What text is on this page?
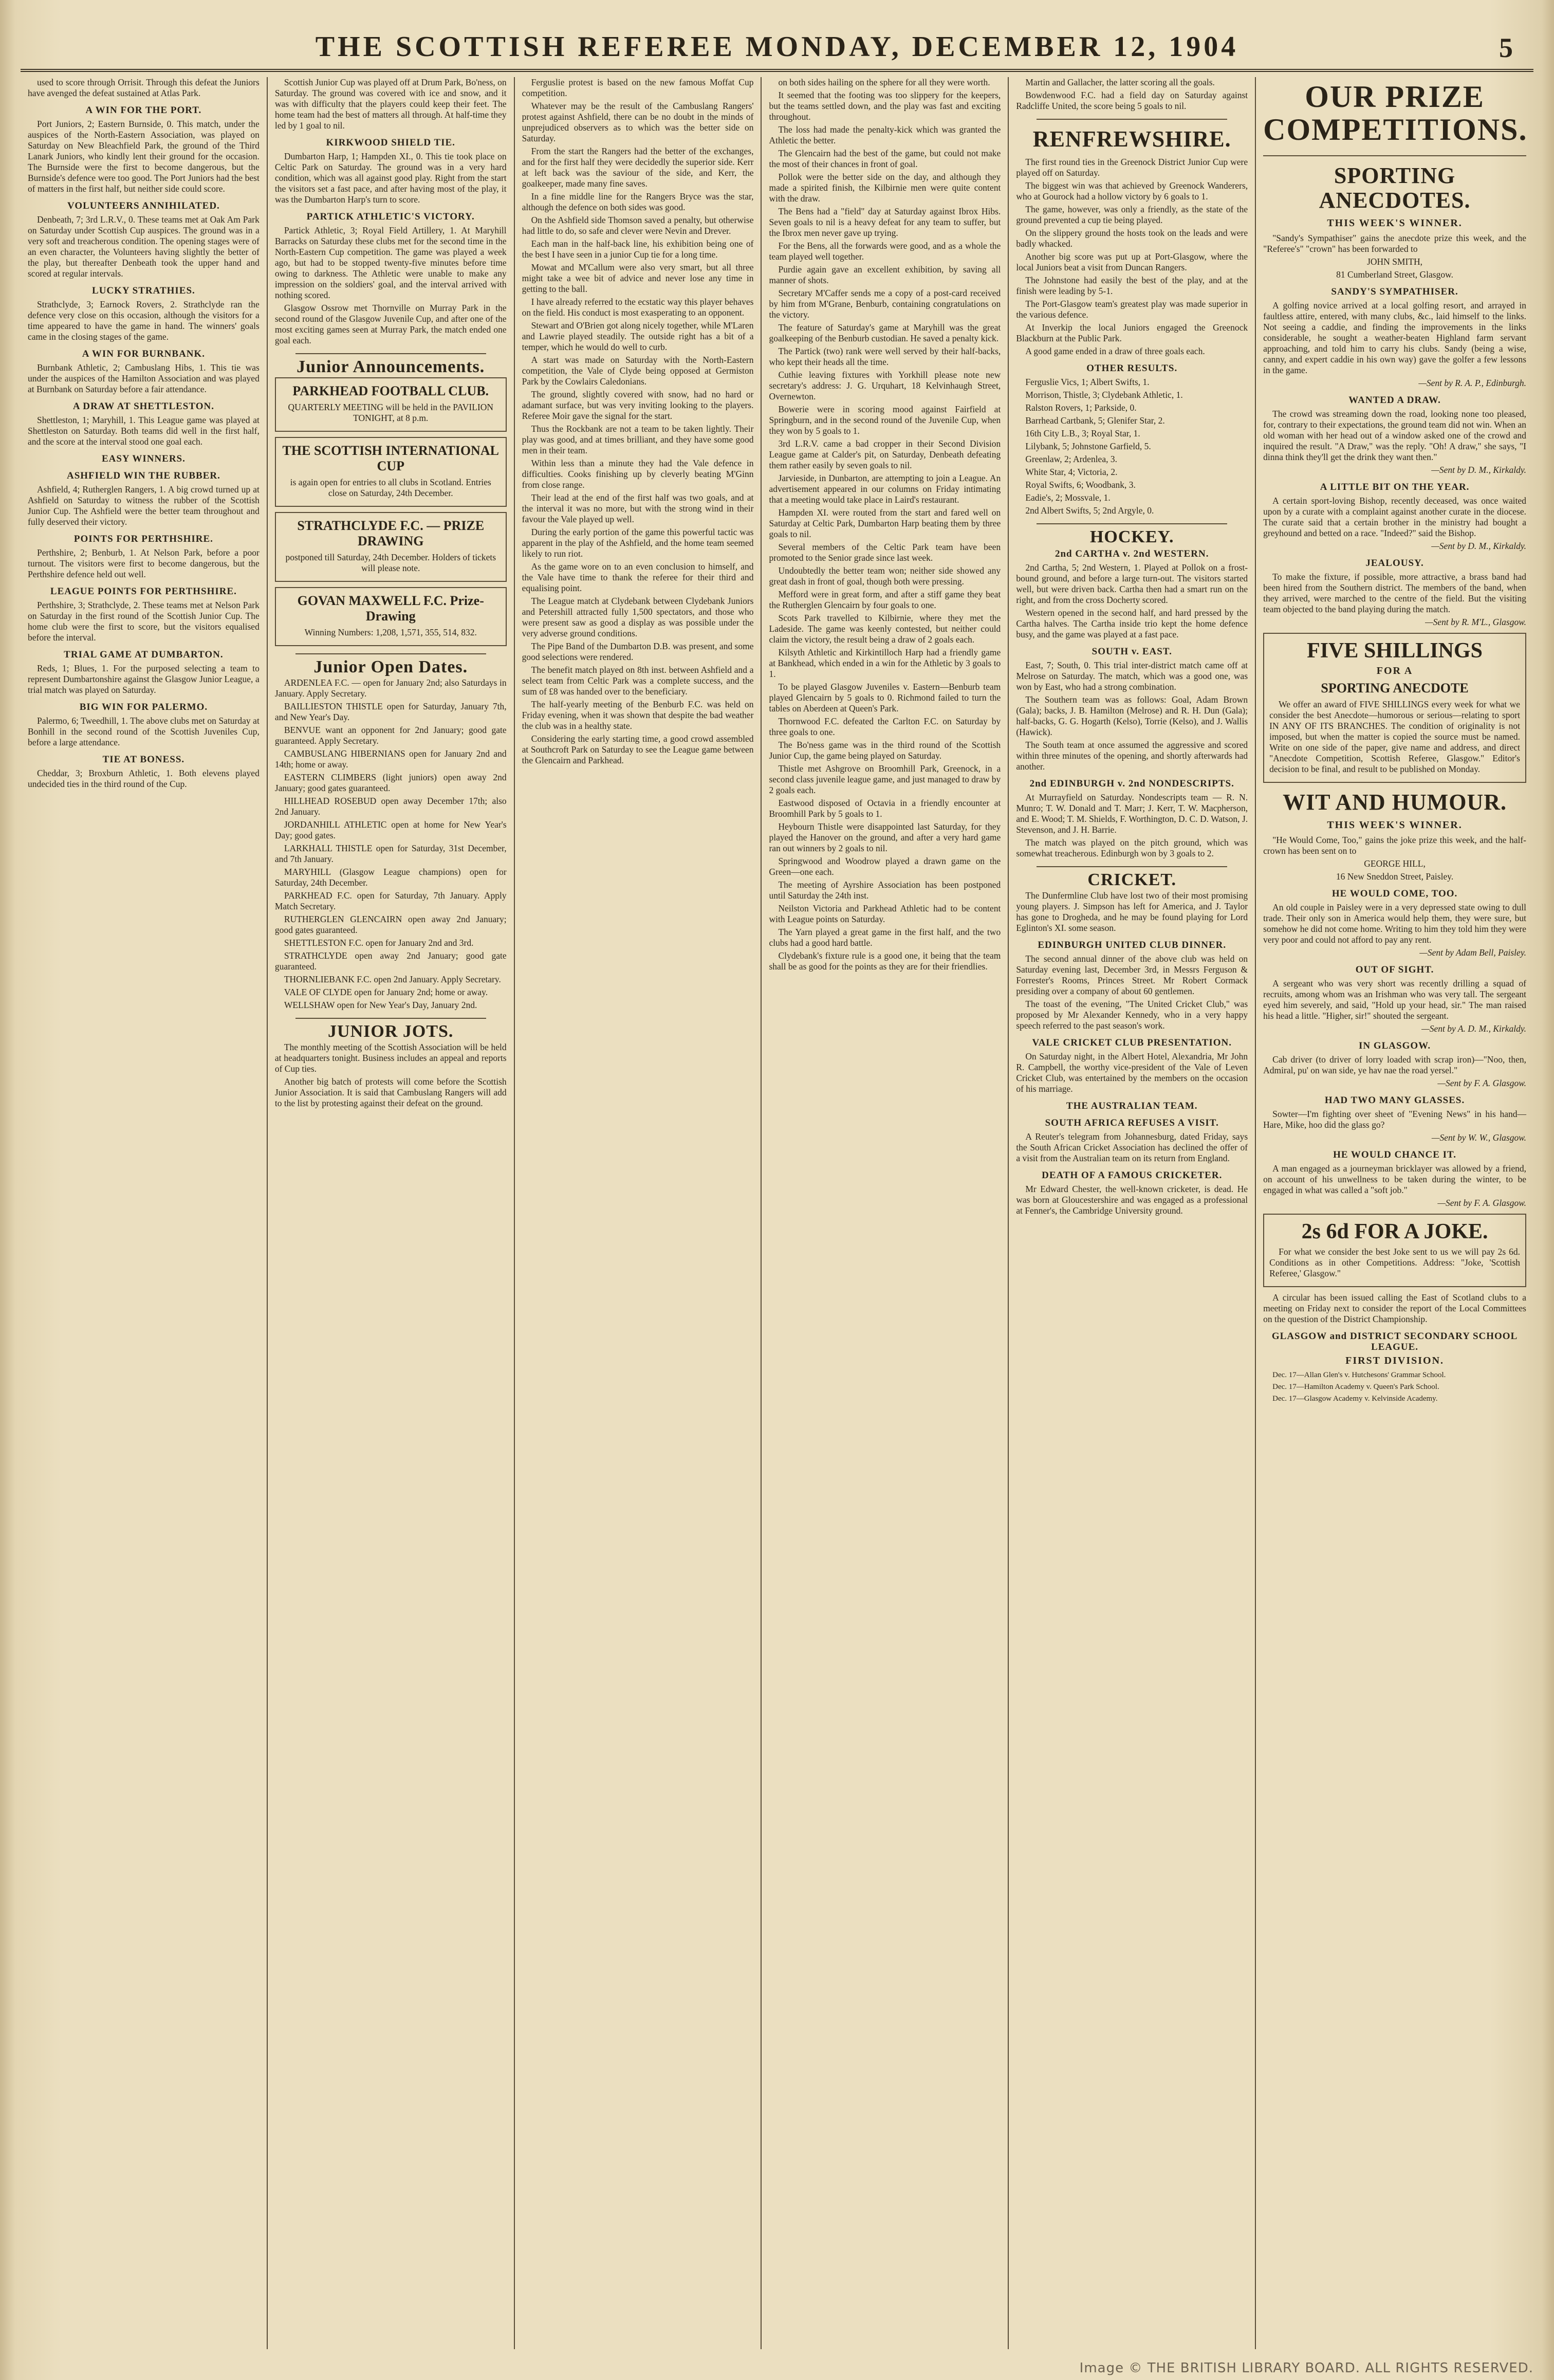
THE SCOTTISH REFEREE MONDAY, DECEMBER 12, 1904	5

used to score through Orrisit. Through this defeat the Juniors have avenged the defeat sustained at Atlas Park.

A WIN FOR THE PORT.

Port Juniors, 2; Eastern Burnside, 0. This match, under the auspices of the North-Eastern Association, was played on Saturday on New Bleachfield Park, the ground of the Third Lanark Juniors, who kindly lent their ground for the occasion. The Burnside were the first to become dangerous, but the Burnside's defence were too good. The Port Juniors had the best of matters in the first half, but neither side could score.

VOLUNTEERS ANNIHILATED.

Denbeath, 7; 3rd L.R.V., 0. These teams met at Oak Am Park on Saturday under Scottish Cup auspices. The ground was in a very soft and treacherous condition. The opening stages were of an even character, the Volunteers having slightly the better of the play, but thereafter Denbeath took the upper hand and scored at regular intervals.

LUCKY STRATHIES.

Strathclyde, 3; Earnock Rovers, 2. Strathclyde ran the defence very close on this occasion, although the visitors for a time appeared to have the game in hand. The winners' goals came in the closing stages of the game.

A WIN FOR BURNBANK.

Burnbank Athletic, 2; Cambuslang Hibs, 1. This tie was under the auspices of the Hamilton Association and was played at Burnbank on Saturday before a fair attendance.

A DRAW AT SHETTLESTON.

Shettleston, 1; Maryhill, 1. This League game was played at Shettleston on Saturday. Both teams did well in the first half, and the score at the interval stood one goal each.

EASY WINNERS.
ASHFIELD WIN THE RUBBER.

Ashfield, 4; Rutherglen Rangers, 1. A big crowd turned up at Ashfield on Saturday to witness the rubber of the Scottish Junior Cup. The Ashfield were the better team throughout and fully deserved their victory.

POINTS FOR PERTHSHIRE.

Perthshire, 2; Benburb, 1. At Nelson Park, before a poor turnout. The visitors were first to become dangerous, but the Perthshire defence held out well.

LEAGUE POINTS FOR PERTHSHIRE.

Perthshire, 3; Strathclyde, 2. These teams met at Nelson Park on Saturday in the first round of the Scottish Junior Cup. The home club were the first to score, but the visitors equalised before the interval.

TRIAL GAME AT DUMBARTON.

Reds, 1; Blues, 1. For the purposed selecting a team to represent Dumbartonshire against the Glasgow Junior League, a trial match was played on Saturday.

BIG WIN FOR PALERMO.

Palermo, 6; Tweedhill, 1. The above clubs met on Saturday at Bonhill in the second round of the Scottish Juveniles Cup, before a large attendance.

TIE AT BONESS.

Cheddar, 3; Broxburn Athletic, 1. Both elevens played undecided ties in the third round of the Cup.

Scottish Junior Cup was played off at Drum Park, Bo'ness, on Saturday. The ground was covered with ice and snow, and it was with difficulty that the players could keep their feet. The home team had the best of matters all through. At half-time they led by 1 goal to nil.

KIRKWOOD SHIELD TIE.

Dumbarton Harp, 1; Hampden XI., 0. This tie took place on Celtic Park on Saturday. The ground was in a very hard condition, which was all against good play. Right from the start the visitors set a fast pace, and after having most of the play, it was the Dumbarton Harp's turn to score.

PARTICK ATHLETIC'S VICTORY.

Partick Athletic, 3; Royal Field Artillery, 1. At Maryhill Barracks on Saturday these clubs met for the second time in the North-Eastern Cup competition. The game was played a week ago, but had to be stopped twenty-five minutes before time owing to darkness. The Athletic were unable to make any impression on the soldiers' goal, and the interval arrived with nothing scored.

Glasgow Ossrow met Thornville on Murray Park in the second round of the Glasgow Juvenile Cup, and after one of the most exciting games seen at Murray Park, the match ended one goal each.

Junior Announcements.
PARKHEAD FOOTBALL CLUB.

QUARTERLY MEETING will be held in the PAVILION TONIGHT, at 8 p.m.

THE SCOTTISH INTERNATIONAL CUP

is again open for entries to all clubs in Scotland. Entries close on Saturday, 24th December.

STRATHCLYDE F.C. — PRIZE DRAWING

postponed till Saturday, 24th December. Holders of tickets will please note.

GOVAN MAXWELL F.C. Prize-Drawing

Winning Numbers: 1,208, 1,571, 355, 514, 832.

Junior Open Dates.

ARDENLEA F.C. — open for January 2nd; also Saturdays in January. Apply Secretary.

BAILLIESTON THISTLE open for Saturday, January 7th, and New Year's Day.

BENVUE want an opponent for 2nd January; good gate guaranteed. Apply Secretary.

CAMBUSLANG HIBERNIANS open for January 2nd and 14th; home or away.

EASTERN CLIMBERS (light juniors) open away 2nd January; good gates guaranteed.

HILLHEAD ROSEBUD open away December 17th; also 2nd January.

JORDANHILL ATHLETIC open at home for New Year's Day; good gates.

LARKHALL THISTLE open for Saturday, 31st December, and 7th January.

MARYHILL (Glasgow League champions) open for Saturday, 24th December.

PARKHEAD F.C. open for Saturday, 7th January. Apply Match Secretary.

RUTHERGLEN GLENCAIRN open away 2nd January; good gates guaranteed.

SHETTLESTON F.C. open for January 2nd and 3rd.

STRATHCLYDE open away 2nd January; good gate guaranteed.

THORNLIEBANK F.C. open 2nd January. Apply Secretary.

VALE OF CLYDE open for January 2nd; home or away.

WELLSHAW open for New Year's Day, January 2nd.

JUNIOR JOTS.

The monthly meeting of the Scottish Association will be held at headquarters tonight. Business includes an appeal and reports of Cup ties.

Another big batch of protests will come before the Scottish Junior Association. It is said that Cambuslang Rangers will add to the list by protesting against their defeat on the ground.

Ferguslie protest is based on the new famous Moffat Cup competition.

Whatever may be the result of the Cambuslang Rangers' protest against Ashfield, there can be no doubt in the minds of unprejudiced observers as to which was the better side on Saturday.

From the start the Rangers had the better of the exchanges, and for the first half they were decidedly the superior side. Kerr at left back was the saviour of the side, and Kerr, the goalkeeper, made many fine saves.

In a fine middle line for the Rangers Bryce was the star, although the defence on both sides was good.

On the Ashfield side Thomson saved a penalty, but otherwise had little to do, so safe and clever were Nevin and Drever.

Each man in the half-back line, his exhibition being one of the best I have seen in a junior Cup tie for a long time.

Mowat and M'Callum were also very smart, but all three might take a wee bit of advice and never lose any time in getting to the ball.

I have already referred to the ecstatic way this player behaves on the field. His conduct is most exasperating to an opponent.

Stewart and O'Brien got along nicely together, while M'Laren and Lawrie played steadily. The outside right has a bit of a temper, which he would do well to curb.

A start was made on Saturday with the North-Eastern competition, the Vale of Clyde being opposed at Germiston Park by the Cowlairs Caledonians.

The ground, slightly covered with snow, had no hard or adamant surface, but was very inviting looking to the players. Referee Moir gave the signal for the start.

Thus the Rockbank are not a team to be taken lightly. Their play was good, and at times brilliant, and they have some good men in their team.

Within less than a minute they had the Vale defence in difficulties. Cooks finishing up by cleverly beating M'Ginn from close range.

Their lead at the end of the first half was two goals, and at the interval it was no more, but with the strong wind in their favour the Vale played up well.

During the early portion of the game this powerful tactic was apparent in the play of the Ashfield, and the home team seemed likely to run riot.

As the game wore on to an even conclusion to himself, and the Vale have time to thank the referee for their third and equalising point.

The League match at Clydebank between Clydebank Juniors and Petershill attracted fully 1,500 spectators, and those who were present saw as good a display as was possible under the very adverse ground conditions.

The Pipe Band of the Dumbarton D.B. was present, and some good selections were rendered.

The benefit match played on 8th inst. between Ashfield and a select team from Celtic Park was a complete success, and the sum of £8 was handed over to the beneficiary.

The half-yearly meeting of the Benburb F.C. was held on Friday evening, when it was shown that despite the bad weather the club was in a healthy state.

Considering the early starting time, a good crowd assembled at Southcroft Park on Saturday to see the League game between the Glencairn and Parkhead.

on both sides hailing on the sphere for all they were worth.

It seemed that the footing was too slippery for the keepers, but the teams settled down, and the play was fast and exciting throughout.

The loss had made the penalty-kick which was granted the Athletic the better.

The Glencairn had the best of the game, but could not make the most of their chances in front of goal.

Pollok were the better side on the day, and although they made a spirited finish, the Kilbirnie men were quite content with the draw.

The Bens had a "field" day at Saturday against Ibrox Hibs. Seven goals to nil is a heavy defeat for any team to suffer, but the Ibrox men never gave up trying.

For the Bens, all the forwards were good, and as a whole the team played well together.

Purdie again gave an excellent exhibition, by saving all manner of shots.

Secretary M'Caffer sends me a copy of a post-card received by him from M'Grane, Benburb, containing congratulations on the victory.

The feature of Saturday's game at Maryhill was the great goalkeeping of the Benburb custodian. He saved a penalty kick.

The Partick (two) rank were well served by their half-backs, who kept their heads all the time.

Cuthie leaving fixtures with Yorkhill please note new secretary's address: J. G. Urquhart, 18 Kelvinhaugh Street, Overnewton.

Bowerie were in scoring mood against Fairfield at Springburn, and in the second round of the Juvenile Cup, when they won by 5 goals to 1.

3rd L.R.V. came a bad cropper in their Second Division League game at Calder's pit, on Saturday, Denbeath defeating them rather easily by seven goals to nil.

Jarvieside, in Dunbarton, are attempting to join a League. An advertisement appeared in our columns on Friday intimating that a meeting would take place in Laird's restaurant.

Hampden XI. were routed from the start and fared well on Saturday at Celtic Park, Dumbarton Harp beating them by three goals to nil.

Several members of the Celtic Park team have been promoted to the Senior grade since last week.

Undoubtedly the better team won; neither side showed any great dash in front of goal, though both were pressing.

Mefford were in great form, and after a stiff game they beat the Rutherglen Glencairn by four goals to one.

Scots Park travelled to Kilbirnie, where they met the Ladeside. The game was keenly contested, but neither could claim the victory, the result being a draw of 2 goals each.

Kilsyth Athletic and Kirkintilloch Harp had a friendly game at Bankhead, which ended in a win for the Athletic by 3 goals to 1.

To be played Glasgow Juveniles v. Eastern—Benburb team played Glencairn by 5 goals to 0. Richmond failed to turn the tables on Aberdeen at Queen's Park.

Thornwood F.C. defeated the Carlton F.C. on Saturday by three goals to one.

The Bo'ness game was in the third round of the Scottish Junior Cup, the game being played on Saturday.

Thistle met Ashgrove on Broomhill Park, Greenock, in a second class juvenile league game, and just managed to draw by 2 goals each.

Eastwood disposed of Octavia in a friendly encounter at Broomhill Park by 5 goals to 1.

Heybourn Thistle were disappointed last Saturday, for they played the Hanover on the ground, and after a very hard game ran out winners by 2 goals to nil.

Springwood and Woodrow played a drawn game on the Green—one each.

The meeting of Ayrshire Association has been postponed until Saturday the 24th inst.

Neilston Victoria and Parkhead Athletic had to be content with League points on Saturday.

The Yarn played a great game in the first half, and the two clubs had a good hard battle.

Clydebank's fixture rule is a good one, it being that the team shall be as good for the points as they are for their friendlies.

Martin and Gallacher, the latter scoring all the goals.

Bowdenwood F.C. had a field day on Saturday against Radcliffe United, the score being 5 goals to nil.

RENFREWSHIRE.

The first round ties in the Greenock District Junior Cup were played off on Saturday.

The biggest win was that achieved by Greenock Wanderers, who at Gourock had a hollow victory by 6 goals to 1.

The game, however, was only a friendly, as the state of the ground prevented a cup tie being played.

On the slippery ground the hosts took on the leads and were badly whacked.

Another big score was put up at Port-Glasgow, where the local Juniors beat a visit from Duncan Rangers.

The Johnstone had easily the best of the play, and at the finish were leading by 5-1.

The Port-Glasgow team's greatest play was made superior in the various defence.

At Inverkip the local Juniors engaged the Greenock Blackburn at the Public Park.

A good game ended in a draw of three goals each.

OTHER RESULTS.

Ferguslie Vics, 1; Albert Swifts, 1.

Morrison, Thistle, 3; Clydebank Athletic, 1.

Ralston Rovers, 1; Parkside, 0.

Barrhead Cartbank, 5; Glenifer Star, 2.

16th City L.B., 3; Royal Star, 1.

Lilybank, 5; Johnstone Garfield, 5.

Greenlaw, 2; Ardenlea, 3.

White Star, 4; Victoria, 2.

Royal Swifts, 6; Woodbank, 3.

Eadie's, 2; Mossvale, 1.

2nd Albert Swifts, 5; 2nd Argyle, 0.

HOCKEY.
2nd CARTHA v. 2nd WESTERN.

2nd Cartha, 5; 2nd Western, 1. Played at Pollok on a frost-bound ground, and before a large turn-out. The visitors started well, but were driven back. Cartha then had a smart run on the right, and from the cross Docherty scored.

Western opened in the second half, and hard pressed by the Cartha halves. The Cartha inside trio kept the home defence busy, and the game was played at a fast pace.

SOUTH v. EAST.

East, 7; South, 0. This trial inter-district match came off at Melrose on Saturday. The match, which was a good one, was won by East, who had a strong combination.

The Southern team was as follows: Goal, Adam Brown (Gala); backs, J. B. Hamilton (Melrose) and R. H. Dun (Gala); half-backs, G. G. Hogarth (Kelso), Torrie (Kelso), and J. Wallis (Hawick).

The South team at once assumed the aggressive and scored within three minutes of the opening, and shortly afterwards had another.

2nd EDINBURGH v. 2nd NONDESCRIPTS.

At Murrayfield on Saturday. Nondescripts team — R. N. Munro; T. W. Donald and T. Marr; J. Kerr, T. W. Macpherson, and E. Wood; T. M. Shields, F. Worthington, D. C. D. Watson, J. Stevenson, and J. H. Barrie.

The match was played on the pitch ground, which was somewhat treacherous. Edinburgh won by 3 goals to 2.

CRICKET.

The Dunfermline Club have lost two of their most promising young players. J. Simpson has left for America, and J. Taylor has gone to Drogheda, and he may be found playing for Lord Eglinton's XI. some season.

EDINBURGH UNITED CLUB DINNER.

The second annual dinner of the above club was held on Saturday evening last, December 3rd, in Messrs Ferguson & Forrester's Rooms, Princes Street. Mr Robert Cormack presiding over a company of about 60 gentlemen.

The toast of the evening, "The United Cricket Club," was proposed by Mr Alexander Kennedy, who in a very happy speech referred to the past season's work.

VALE CRICKET CLUB PRESENTATION.

On Saturday night, in the Albert Hotel, Alexandria, Mr John R. Campbell, the worthy vice-president of the Vale of Leven Cricket Club, was entertained by the members on the occasion of his marriage.

THE AUSTRALIAN TEAM.
SOUTH AFRICA REFUSES A VISIT.

A Reuter's telegram from Johannesburg, dated Friday, says the South African Cricket Association has declined the offer of a visit from the Australian team on its return from England.

DEATH OF A FAMOUS CRICKETER.

Mr Edward Chester, the well-known cricketer, is dead. He was born at Gloucestershire and was engaged as a professional at Fenner's, the Cambridge University ground.

OUR PRIZE COMPETITIONS.
SPORTING ANECDOTES.
THIS WEEK'S WINNER.

"Sandy's Sympathiser" gains the anecdote prize this week, and the "Referee's" "crown" has been forwarded to

JOHN SMITH,

81 Cumberland Street, Glasgow.

SANDY'S SYMPATHISER.

A golfing novice arrived at a local golfing resort, and arrayed in faultless attire, entered, with many clubs, &c., laid himself to the links. Not seeing a caddie, and finding the improvements in the links considerable, he sought a weather-beaten Highland farm servant approaching, and told him to carry his clubs. Sandy (being a wise, canny, and expert caddie in his own way) gave the golfer a few lessons in the game.

—Sent by R. A. P., Edinburgh.
WANTED A DRAW.

The crowd was streaming down the road, looking none too pleased, for, contrary to their expectations, the ground team did not win. When an old woman with her head out of a window asked one of the crowd and inquired the result. "A Draw," was the reply. "Oh! A draw," she says, "I dinna think they'll get the drink they want then."

—Sent by D. M., Kirkaldy.
A LITTLE BIT ON THE YEAR.

A certain sport-loving Bishop, recently deceased, was once waited upon by a curate with a complaint against another curate in the diocese. The curate said that a certain brother in the ministry had bought a greyhound and betted on a race. "Indeed?" said the Bishop.

—Sent by D. M., Kirkaldy.
JEALOUSY.

To make the fixture, if possible, more attractive, a brass band had been hired from the Southern district. The members of the band, when they arrived, were marched to the centre of the field. But the visiting team objected to the band playing during the match.

—Sent by R. M'L., Glasgow.
FIVE SHILLINGS
FOR A
SPORTING ANECDOTE

We offer an award of FIVE SHILLINGS every week for what we consider the best Anecdote—humorous or serious—relating to sport IN ANY OF ITS BRANCHES. The condition of originality is not imposed, but when the matter is copied the source must be named. Write on one side of the paper, give name and address, and direct "Anecdote Competition, Scottish Referee, Glasgow." Editor's decision to be final, and result to be published on Monday.

WIT AND HUMOUR.
THIS WEEK'S WINNER.

"He Would Come, Too," gains the joke prize this week, and the half-crown has been sent on to

GEORGE HILL,

16 New Sneddon Street, Paisley.

HE WOULD COME, TOO.

An old couple in Paisley were in a very depressed state owing to dull trade. Their only son in America would help them, they were sure, but somehow he did not come home. Writing to him they told him they were very poor and could not afford to pay any rent.

—Sent by Adam Bell, Paisley.
OUT OF SIGHT.

A sergeant who was very short was recently drilling a squad of recruits, among whom was an Irishman who was very tall. The sergeant eyed him severely, and said, "Hold up your head, sir." The man raised his head a little. "Higher, sir!" shouted the sergeant.

—Sent by A. D. M., Kirkaldy.
IN GLASGOW.

Cab driver (to driver of lorry loaded with scrap iron)—"Noo, then, Admiral, pu' on wan side, ye hav nae the road yersel."

—Sent by F. A. Glasgow.
HAD TWO MANY GLASSES.

Sowter—I'm fighting over sheet of "Evening News" in his hand—Hare, Mike, hoo did the glass go?

—Sent by W. W., Glasgow.
HE WOULD CHANCE IT.

A man engaged as a journeyman bricklayer was allowed by a friend, on account of his unwellness to be taken during the winter, to be engaged in what was called a "soft job."

—Sent by F. A. Glasgow.
2s 6d FOR A JOKE.

For what we consider the best Joke sent to us we will pay 2s 6d. Conditions as in other Competitions. Address: "Joke, 'Scottish Referee,' Glasgow."

A circular has been issued calling the East of Scotland clubs to a meeting on Friday next to consider the report of the Local Committees on the question of the District Championship.

GLASGOW and DISTRICT SECONDARY SCHOOL LEAGUE.
FIRST DIVISION.

Dec. 17—Allan Glen's v. Hutchesons' Grammar School.

Dec. 17—Hamilton Academy v. Queen's Park School.

Dec. 17—Glasgow Academy v. Kelvinside Academy.

Image © THE BRITISH LIBRARY BOARD. ALL RIGHTS RESERVED.
